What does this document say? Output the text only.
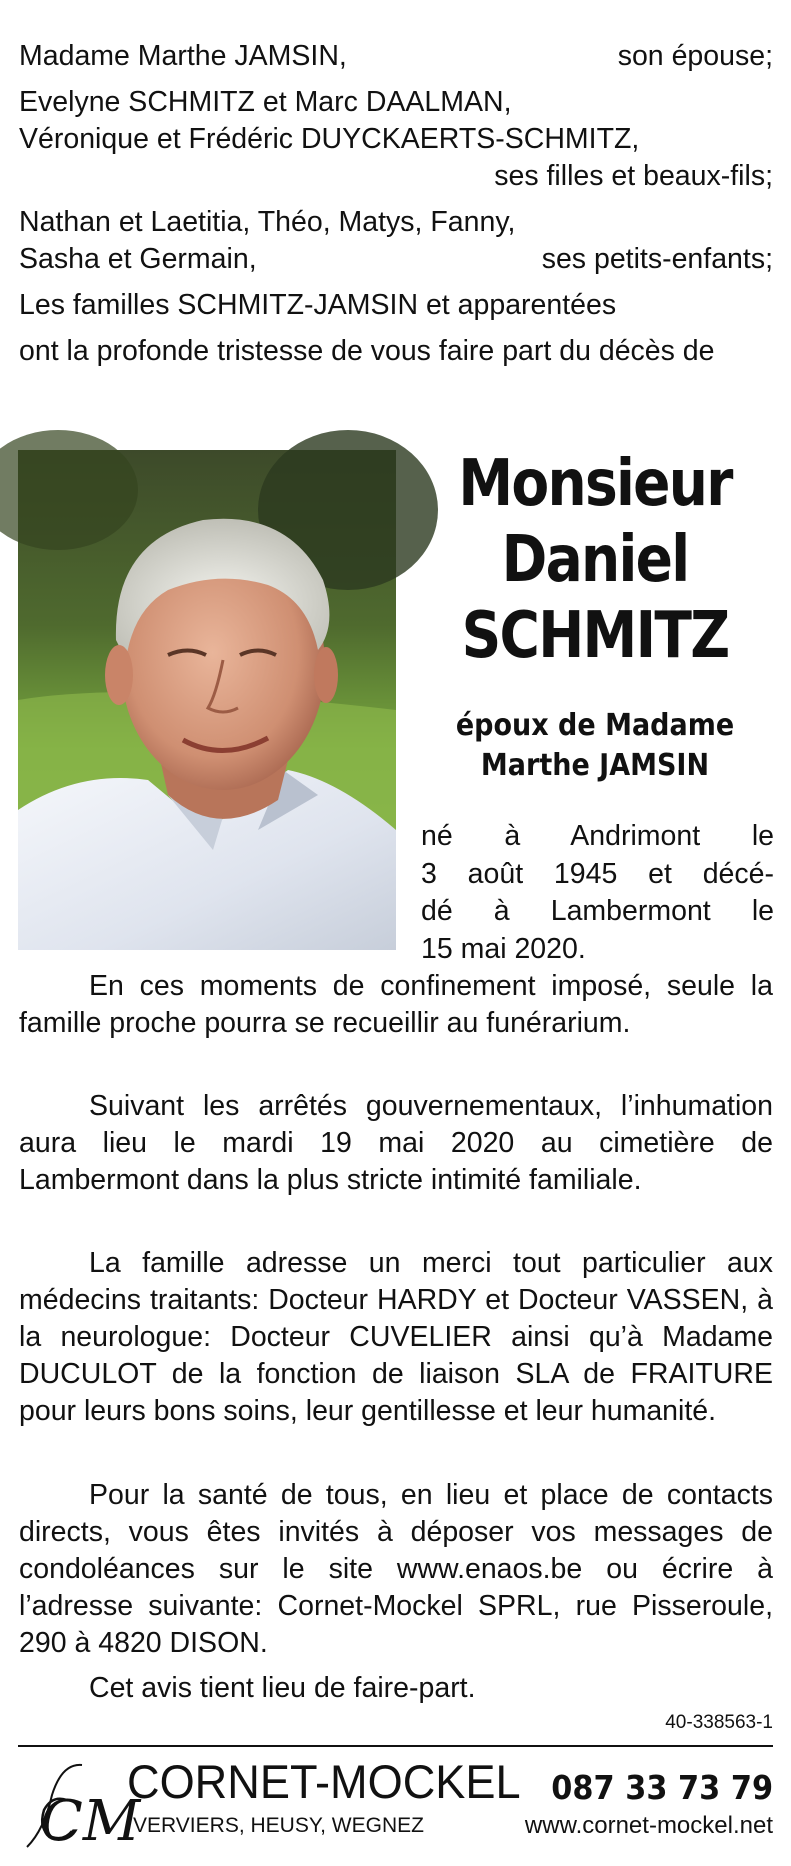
Madame Marthe JAMSIN,	son épouse;
Evelyne SCHMITZ et Marc DAALMAN,
Véronique et Frédéric DUYCKAERTS-SCHMITZ,
ses filles et beaux-fils;
Nathan et Laetitia, Théo, Matys, Fanny,
Sasha et Germain,	ses petits-enfants;
Les familles SCHMITZ-JAMSIN et apparentées
ont la profonde tristesse de vous faire part du décès de
Monsieur
Daniel
SCHMITZ
époux de Madame
Marthe JAMSIN
né à Andrimont le
3 août 1945 et décé-
dé à Lambermont le
15 mai 2020.
En ces moments de confinement imposé, seule la famille proche pourra se recueillir au funérarium.
Suivant les arrêtés gouvernementaux, l’inhumation aura lieu le mardi 19 mai 2020 au cimetière de Lambermont dans la plus stricte intimité familiale.
La famille adresse un merci tout particulier aux médecins traitants: Docteur HARDY et Docteur VASSEN, à la neurologue: Docteur CUVELIER ainsi qu’à Madame DUCULOT de la fonction de liaison SLA de FRAITURE pour leurs bons soins, leur gentillesse et leur humanité.
Pour la santé de tous, en lieu et place de contacts directs, vous êtes invités à déposer vos messages de condoléances sur le site www.enaos.be ou écrire à l’adresse suivante: Cornet-Mockel SPRL, rue Pisseroule, 290 à 4820 DISON.
Cet avis tient lieu de faire-part.
40-338563-1
CM
CORNET-MOCKEL 087 33 73 79
VERVIERS, HEUSY, WEGNEZ	www.cornet-mockel.net
